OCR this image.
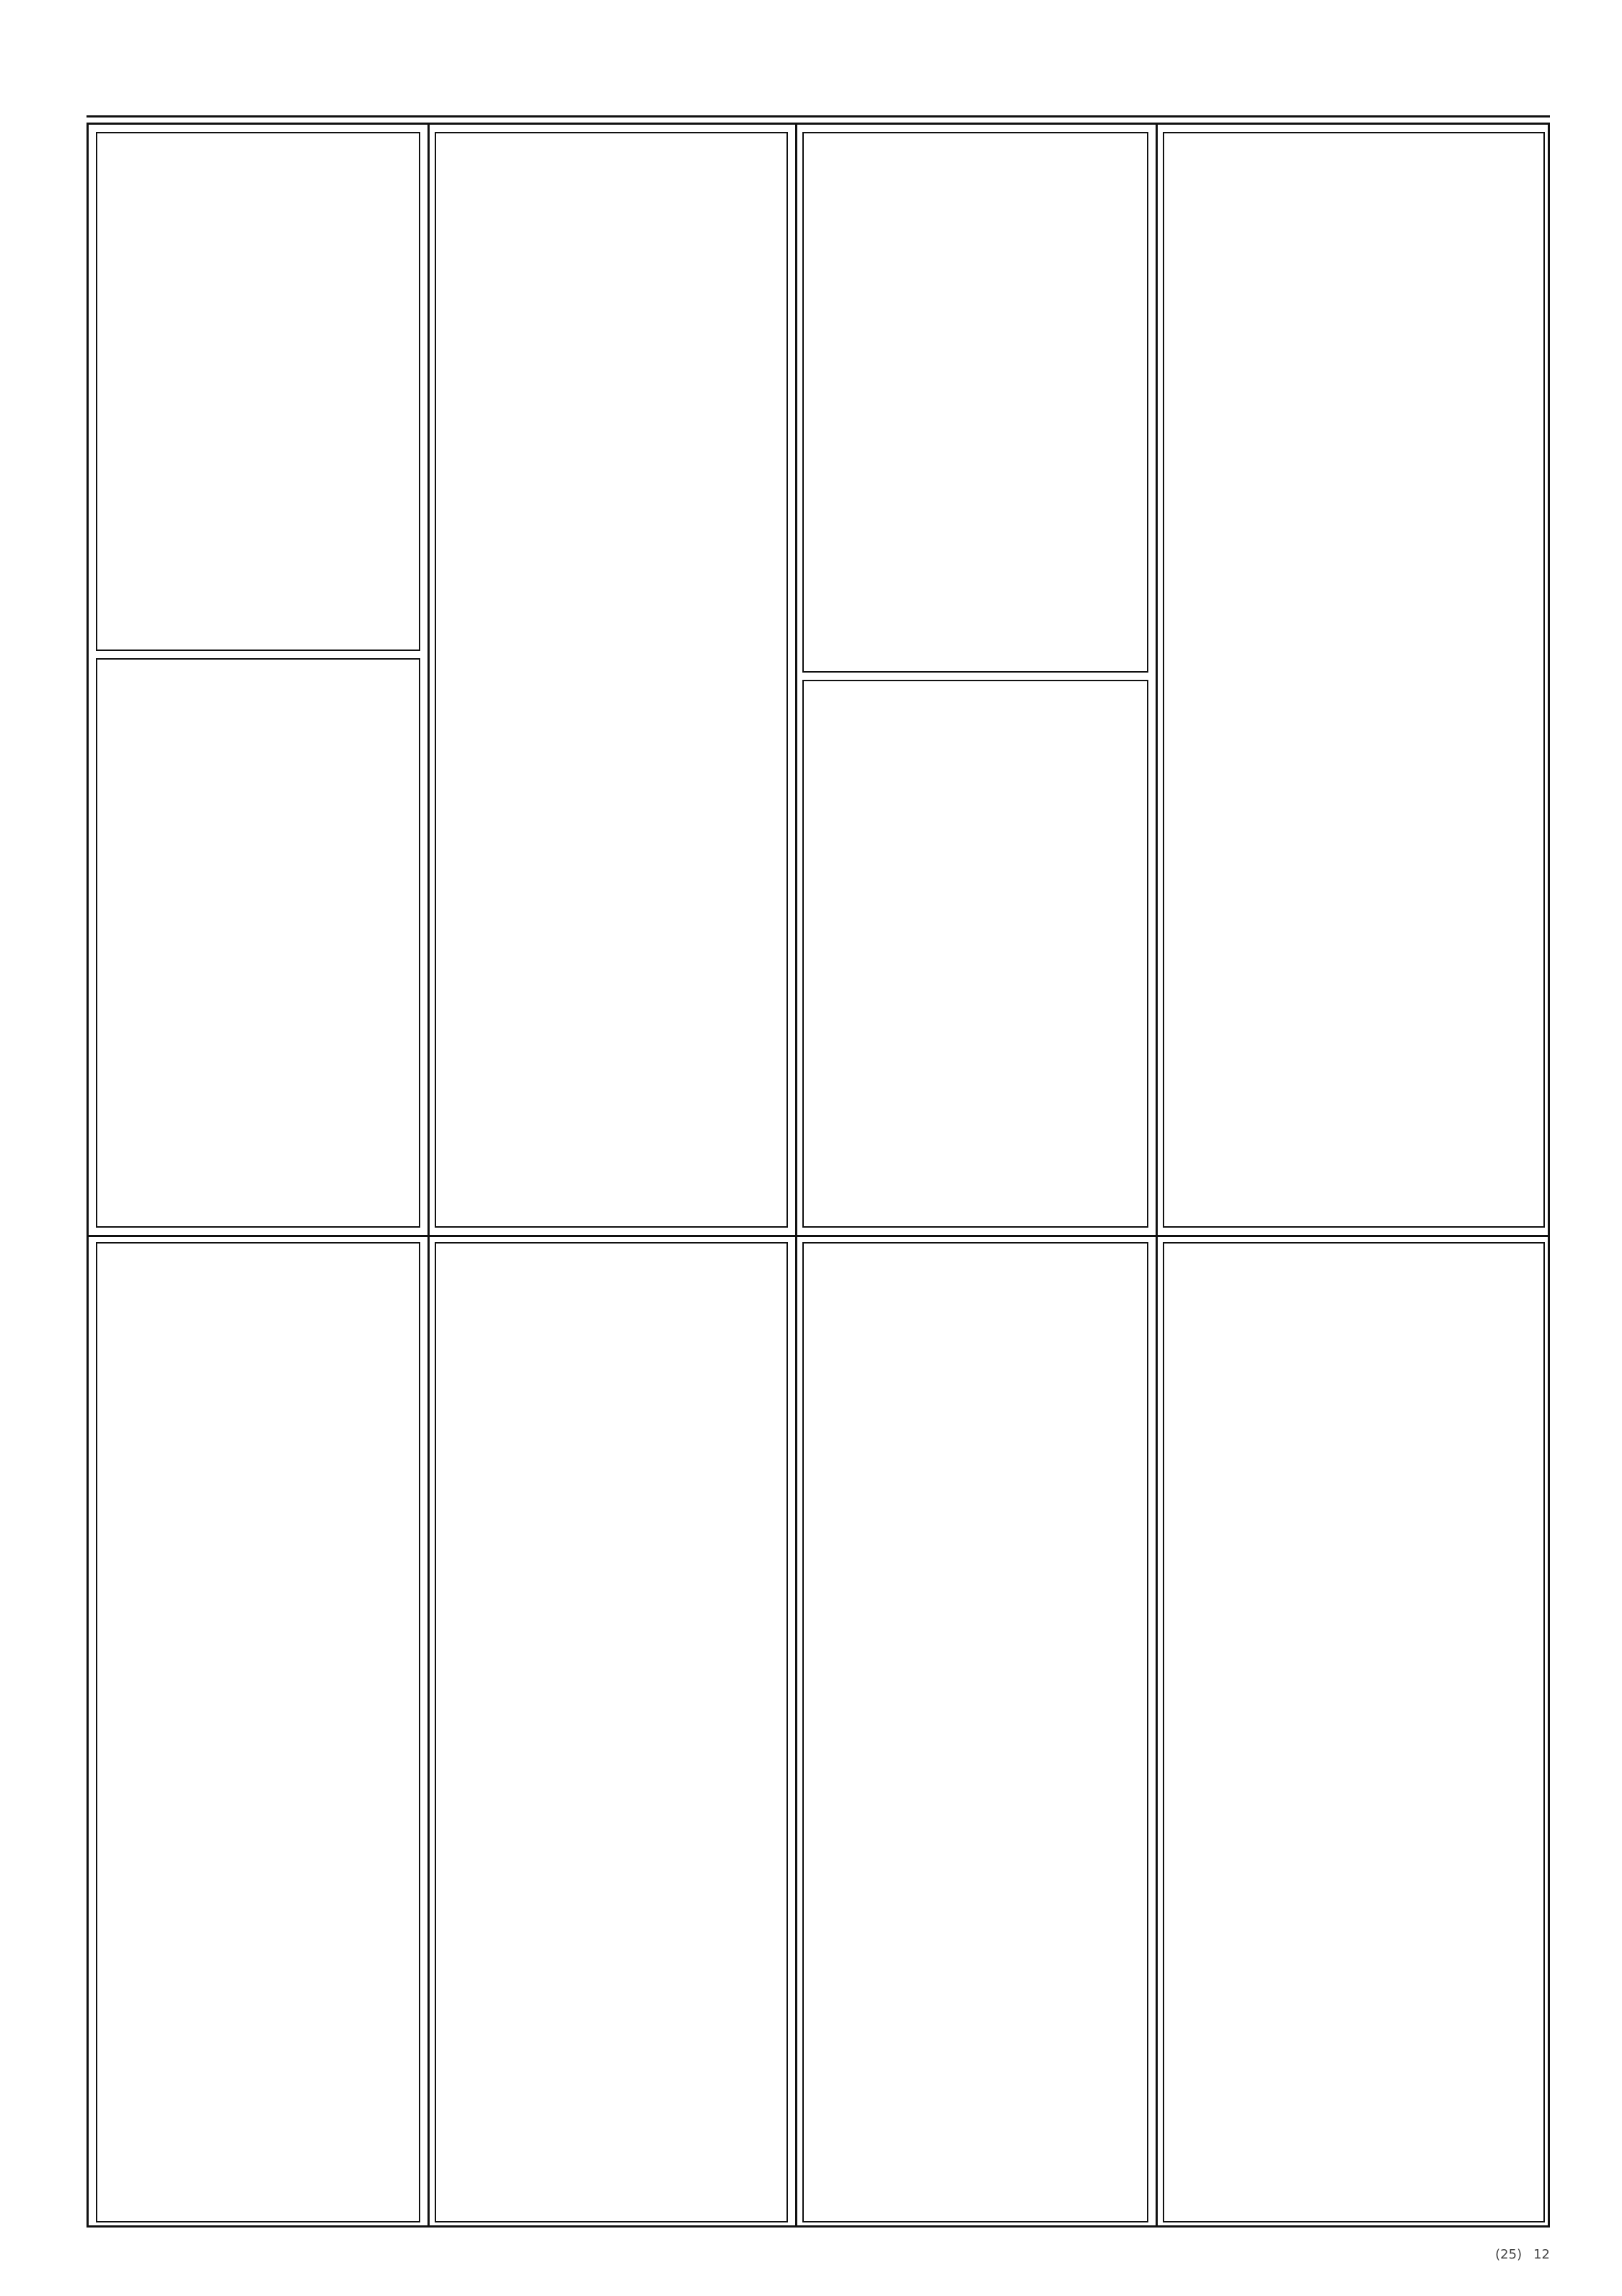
(25) 12
